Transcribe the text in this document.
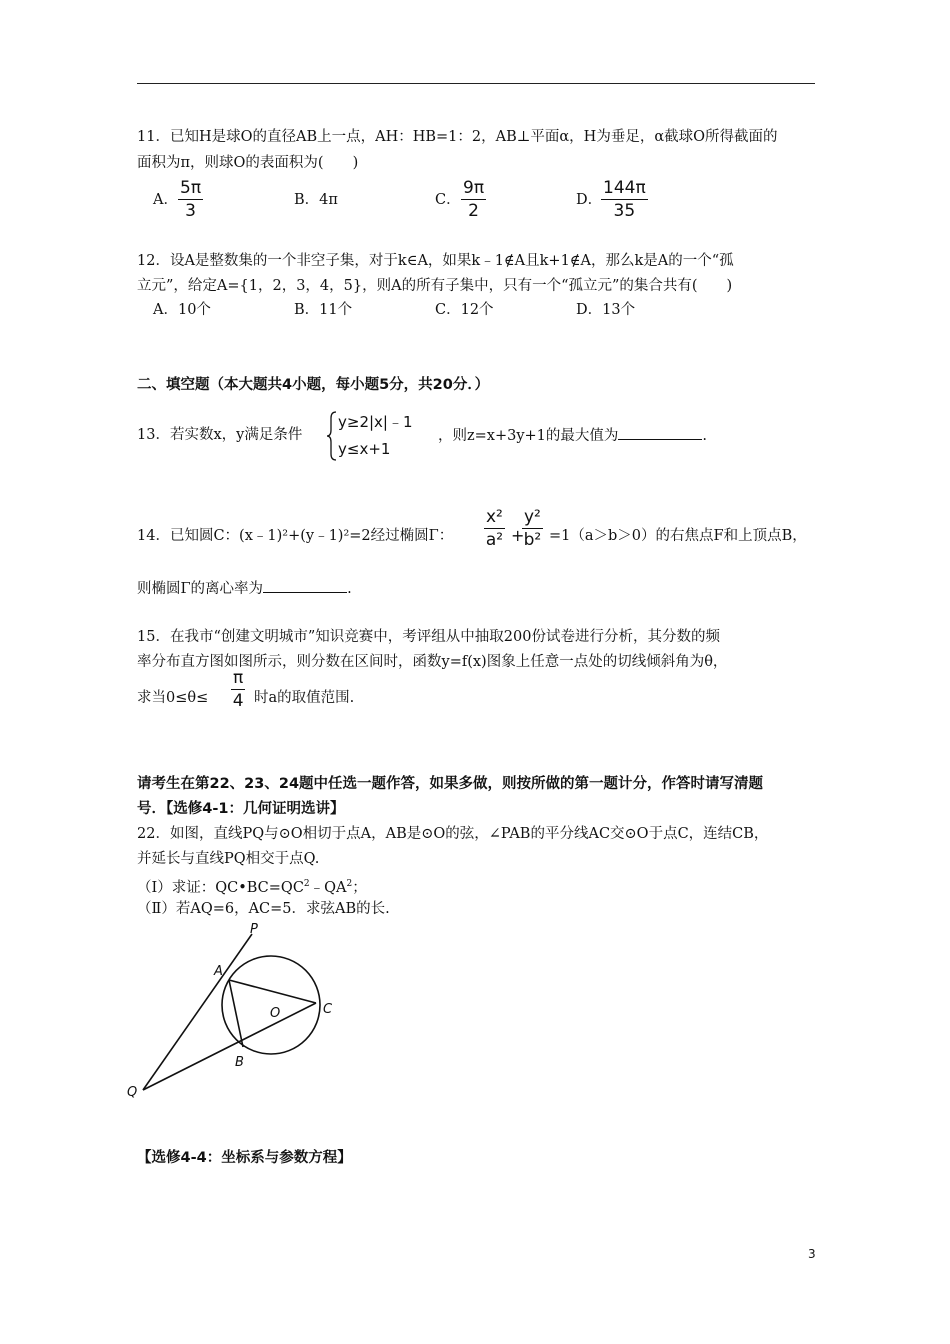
11．已知H是球O的直径AB上一点，AH：HB=1：2，AB⊥平面α，H为垂足，α截球O所得截面的
面积为π，则球O的表面积为(　　)
A． $\frac{5\pi}{3}$	B．4π	C． $\frac{9\pi}{2}$	D．
$\frac{144\pi}{35}$
12．设A是整数集的一个非空子集，对于k∈A，如果k﹣1∉A且k+1∉A，那么k是A的一个“孤
立元”，给定A={1，2，3，4，5}，则A的所有子集中，只有一个“孤立元”的集合共有(　　)
A．10个	B．11个	C．12个	D．13个
二、填空题（本大题共4小题，每小题5分，共20分．）
13．若实数x，y满足条件
y≥2|x|﹣1
y≤x+1
，则z=x+3y+1的最大值为	.
14．已知圆C：(x﹣1)²+(y﹣1)²=2经过椭圆Γ： $\frac{\text{x²}}{\text{a²}}$ +
$\frac{\text{y²}}{\text{b²}} =1(a>b>0)$的右焦点F和上顶点B，
则椭圆Γ的离心率为	.
15．在我市“创建文明城市”知识竞赛中，考评组从中抽取200份试卷进行分析，其分数的频
率分布直方图如图所示，则分数在区间时，函数y=f(x)图象上任意一点处的切线倾斜角为θ，
求当$0\le\theta\le \frac{\pi}{4}$ 时a的取值范围.
请考生在第22、23、24题中任选一题作答，如果多做，则按所做的第一题计分，作答时请写清题
号．【选修4-1：几何证明选讲】
22．如图，直线PQ与⊙O相切于点A，AB是⊙O的弦，∠PAB的平分线AC交⊙O于点C，连结CB，
并延长与直线PQ相交于点Q.
（Ⅰ）求证：$QC•BC=QC^2﹣QA^2$；
（Ⅱ）若AQ=6，AC=5．求弦AB的长.
P
A
O	C
B
Q
【选修4-4：坐标系与参数方程】
3
